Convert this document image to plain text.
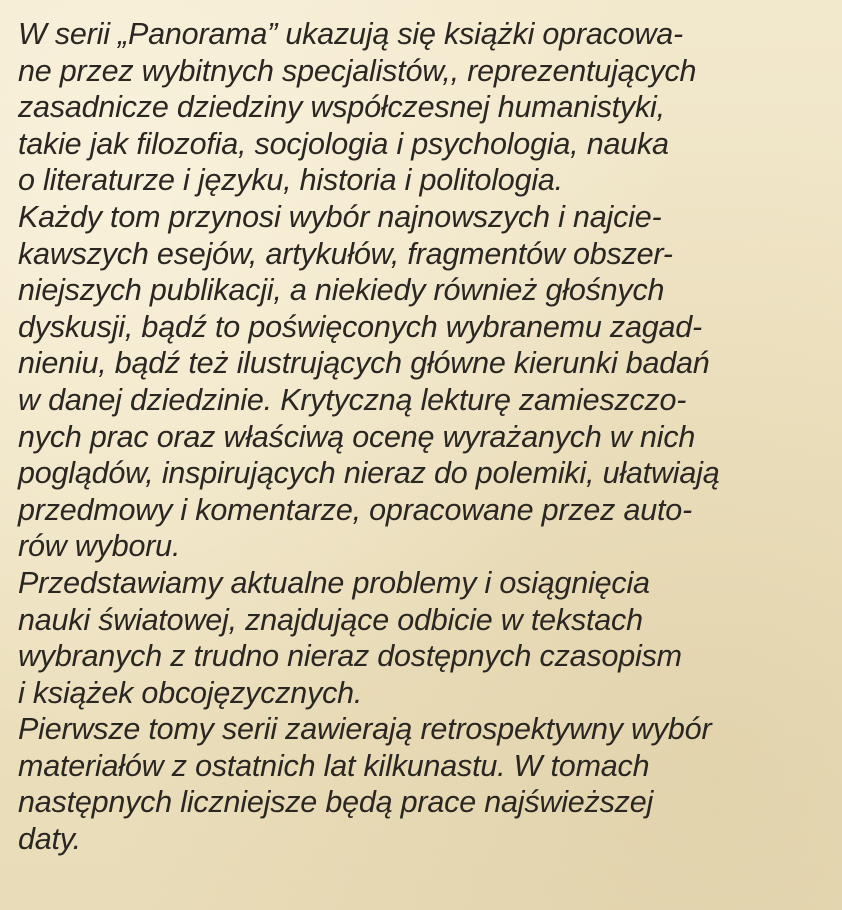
W serii „Panorama” ukazują się książki opracowa-
ne przez wybitnych specjalistów,, reprezentujących
zasadnicze dziedziny współczesnej humanistyki,
takie jak filozofia, socjologia i psychologia, nauka
o literaturze i języku, historia i politologia.
Każdy tom przynosi wybór najnowszych i najcie-
kawszych esejów, artykułów, fragmentów obszer-
niejszych publikacji, a niekiedy również głośnych
dyskusji, bądź to poświęconych wybranemu zagad-
nieniu, bądź też ilustrujących główne kierunki badań
w danej dziedzinie. Krytyczną lekturę zamieszczo-
nych prac oraz właściwą ocenę wyrażanych w nich
poglądów, inspirujących nieraz do polemiki, ułatwiają
przedmowy i komentarze, opracowane przez auto-
rów wyboru.
Przedstawiamy aktualne problemy i osiągnięcia
nauki światowej, znajdujące odbicie w tekstach
wybranych z trudno nieraz dostępnych czasopism
i książek obcojęzycznych.
Pierwsze tomy serii zawierają retrospektywny wybór
materiałów z ostatnich lat kilkunastu. W tomach
następnych liczniejsze będą prace najświeższej
daty.
